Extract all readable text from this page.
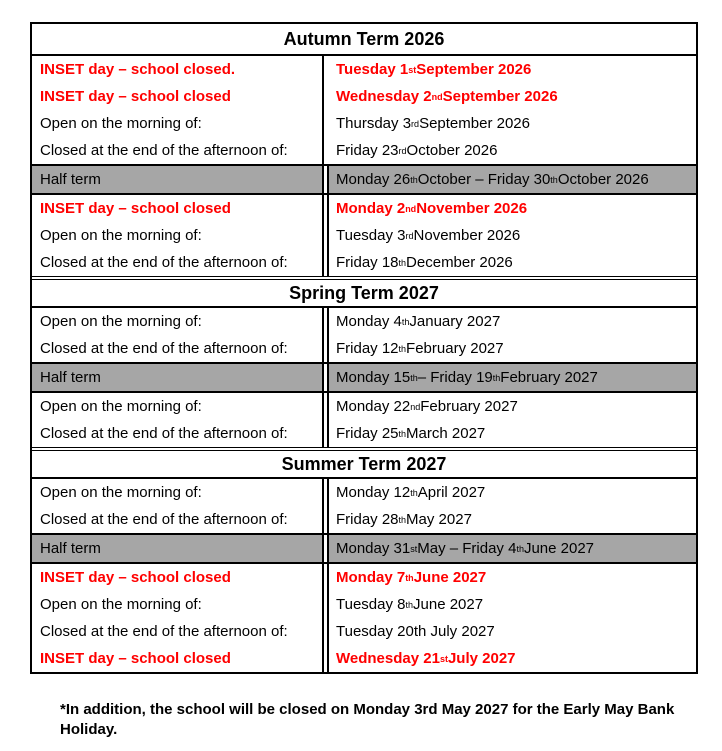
Autumn Term 2026
INSET day – school closed.	Tuesday 1 st September 2026
INSET day – school closed	Wednesday 2 nd September 2026
Open on the morning of:	Thursday 3 rd September 2026
Closed at the end of the afternoon of:	Friday 23 rd October 2026
Half term	Monday 26 th October – Friday 30 th October 2026
INSET day – school closed	Monday 2 nd November 2026
Open on the morning of:	Tuesday 3 rd November 2026
Closed at the end of the afternoon of:	Friday 18 th December 2026
Spring Term 2027
Open on the morning of:	Monday 4 th January 2027
Closed at the end of the afternoon of:	Friday 12 th February 2027
Half term	Monday 15 th – Friday 19 th February 2027
Open on the morning of:	Monday 22 nd February 2027
Closed at the end of the afternoon of:	Friday 25 th March 2027
Summer Term 2027
Open on the morning of:	Monday 12 th April 2027
Closed at the end of the afternoon of:	Friday 28 th May 2027
Half term	Monday 31 st May – Friday 4 th June 2027
INSET day – school closed	Monday 7 th June 2027
Open on the morning of:	Tuesday 8 th June 2027
Closed at the end of the afternoon of:	Tuesday 20th July 2027
INSET day – school closed	Wednesday 21 st July 2027
*In addition, the school will be closed on Monday 3rd May 2027 for the Early May Bank
Holiday.
